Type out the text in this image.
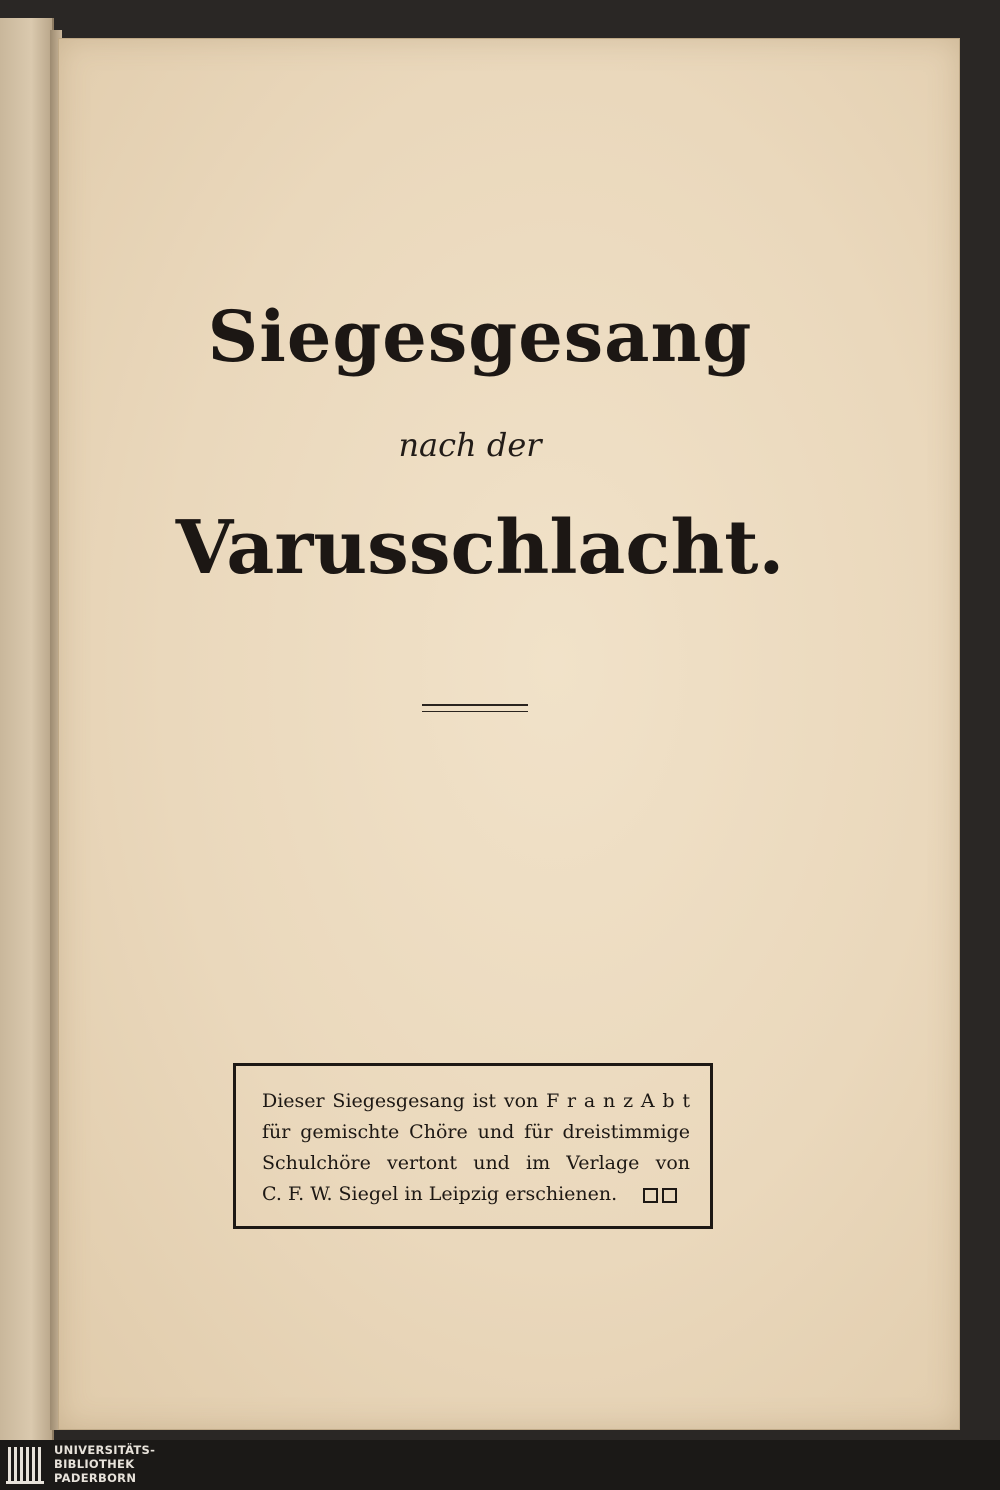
Siegesgesang
nach der
Varusschlacht.
Dieser Siegesgesang ist von F r a n z A b t
für gemischte Chöre und für dreistimmige
Schulchöre vertont und im Verlage von
C. F. W. Siegel in Leipzig erschienen.
UNIVERSITÄTS-
BIBLIOTHEK
PADERBORN
